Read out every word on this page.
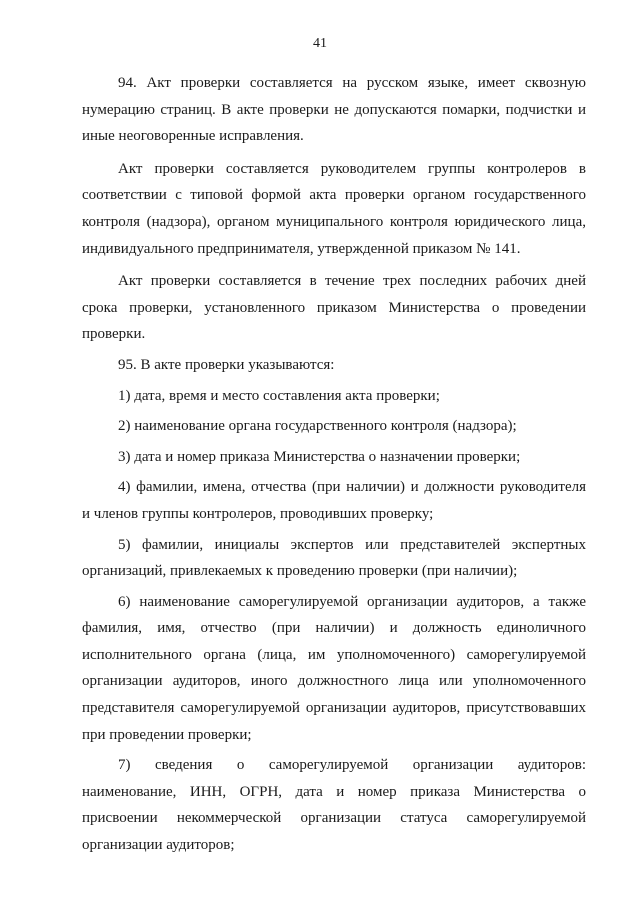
41

94. Акт проверки составляется на русском языке, имеет сквозную
нумерацию страниц. В акте проверки не допускаются помарки, подчистки и
иные неоговоренные исправления.

Акт проверки составляется руководителем группы контролеров в
соответствии с типовой формой акта проверки органом государственного
контроля (надзора), органом муниципального контроля юридического лица,
индивидуального предпринимателя, утвержденной приказом № 141.

Акт проверки составляется в течение трех последних рабочих дней
срока проверки, установленного приказом Министерства о проведении
проверки.

95. В акте проверки указываются:

1) дата, время и место составления акта проверки;

2) наименование органа государственного контроля (надзора);

3) дата и номер приказа Министерства о назначении проверки;

4) фамилии, имена, отчества (при наличии) и должности руководителя
и членов группы контролеров, проводивших проверку;

5) фамилии, инициалы экспертов или представителей экспертных
организаций, привлекаемых к проведению проверки (при наличии);

6) наименование саморегулируемой организации аудиторов, а также
фамилия, имя, отчество (при наличии) и должность единоличного
исполнительного органа (лица, им уполномоченного) саморегулируемой
организации аудиторов, иного должностного лица или уполномоченного
представителя саморегулируемой организации аудиторов, присутствовавших
при проведении проверки;

7) сведения о саморегулируемой организации аудиторов:
наименование, ИНН, ОГРН, дата и номер приказа Министерства о
присвоении некоммерческой организации статуса саморегулируемой
организации аудиторов;
